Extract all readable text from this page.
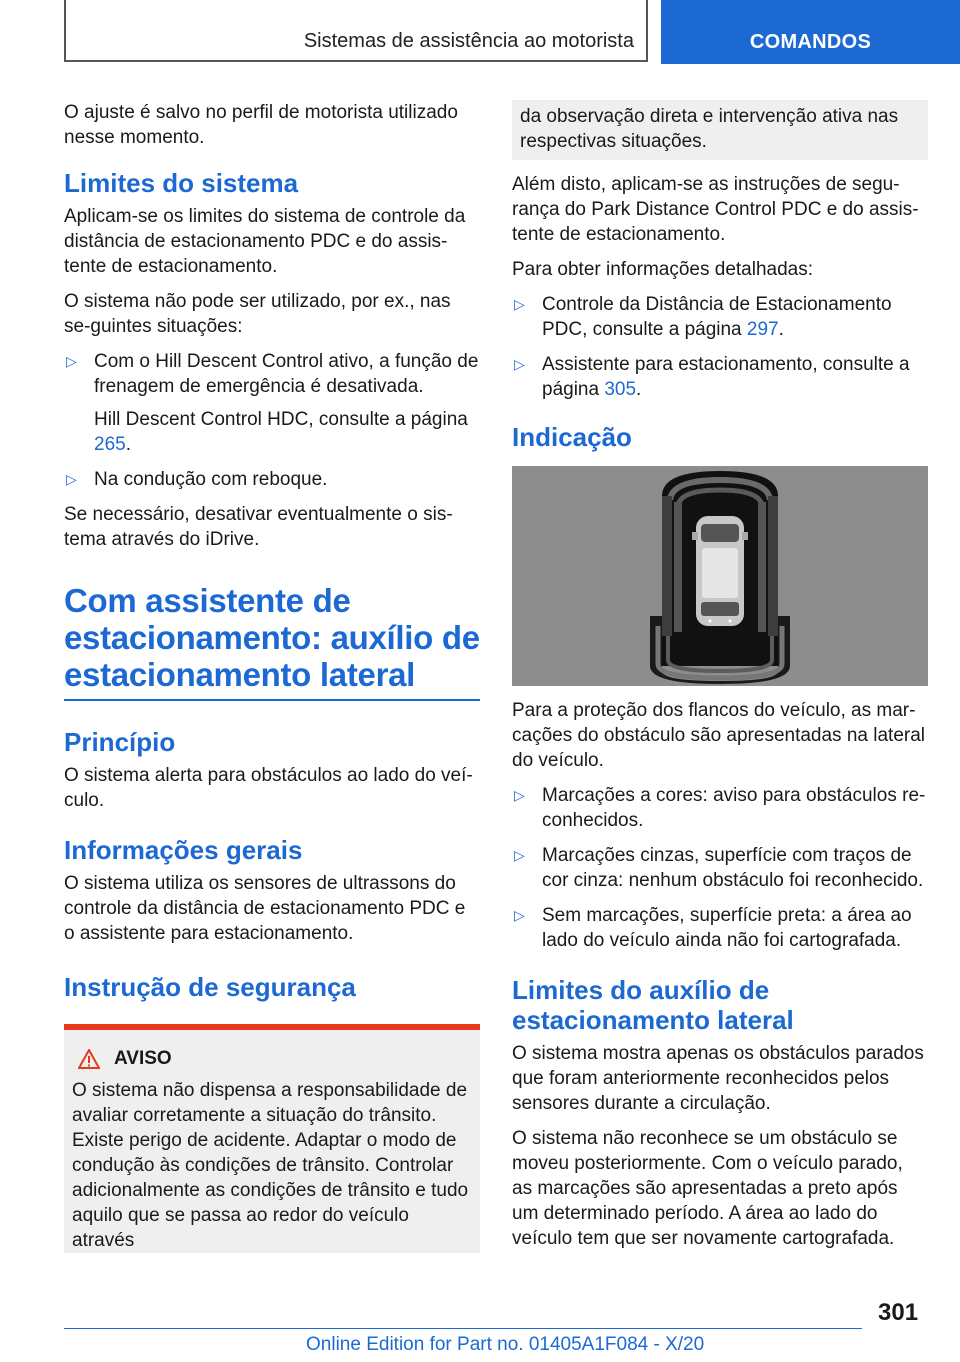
Sistemas de assistência ao motorista	COMANDOS

O ajuste é salvo no perfil de motorista utilizado nesse momento.

Limites do sistema

Aplicam-se os limites do sistema de controle da distância de estacionamento PDC e do assis-tente de estacionamento.

O sistema não pode ser utilizado, por ex., nas se-guintes situações:

▷ Com o Hill Descent Control ativo, a função de frenagem de emergência é desativada.
Hill Descent Control HDC, consulte a página 265.
▷ Na condução com reboque.

Se necessário, desativar eventualmente o sis-tema através do iDrive.

Com assistente de estacionamento: auxílio de estacionamento lateral
Princípio

O sistema alerta para obstáculos ao lado do veí-culo.

Informações gerais

O sistema utiliza os sensores de ultrassons do controle da distância de estacionamento PDC e o assistente para estacionamento.

Instrução de segurança
AVISO

O sistema não dispensa a responsabilidade de avaliar corretamente a situação do trânsito. Existe perigo de acidente. Adaptar o modo de condução às condições de trânsito. Controlar adicionalmente as condições de trânsito e tudo aquilo que se passa ao redor do veículo através

da observação direta e intervenção ativa nas respectivas situações.

Além disto, aplicam-se as instruções de segu-rança do Park Distance Control PDC e do assis-tente de estacionamento.

Para obter informações detalhadas:

▷ Controle da Distância de Estacionamento PDC, consulte a página 297.
▷ Assistente para estacionamento, consulte a página 305.
Indicação

Para a proteção dos flancos do veículo, as mar-cações do obstáculo são apresentadas na lateral do veículo.

▷ Marcações a cores: aviso para obstáculos re-conhecidos.
▷ Marcações cinzas, superfície com traços de cor cinza: nenhum obstáculo foi reconhecido.
▷ Sem marcações, superfície preta: a área ao lado do veículo ainda não foi cartografada.
Limites do auxílio de estacionamento lateral

O sistema mostra apenas os obstáculos parados que foram anteriormente reconhecidos pelos sensores durante a circulação.

O sistema não reconhece se um obstáculo se moveu posteriormente. Com o veículo parado, as marcações são apresentadas a preto após um determinado período. A área ao lado do veículo tem que ser novamente cartografada.

301
Online Edition for Part no. 01405A1F084 - X/20
